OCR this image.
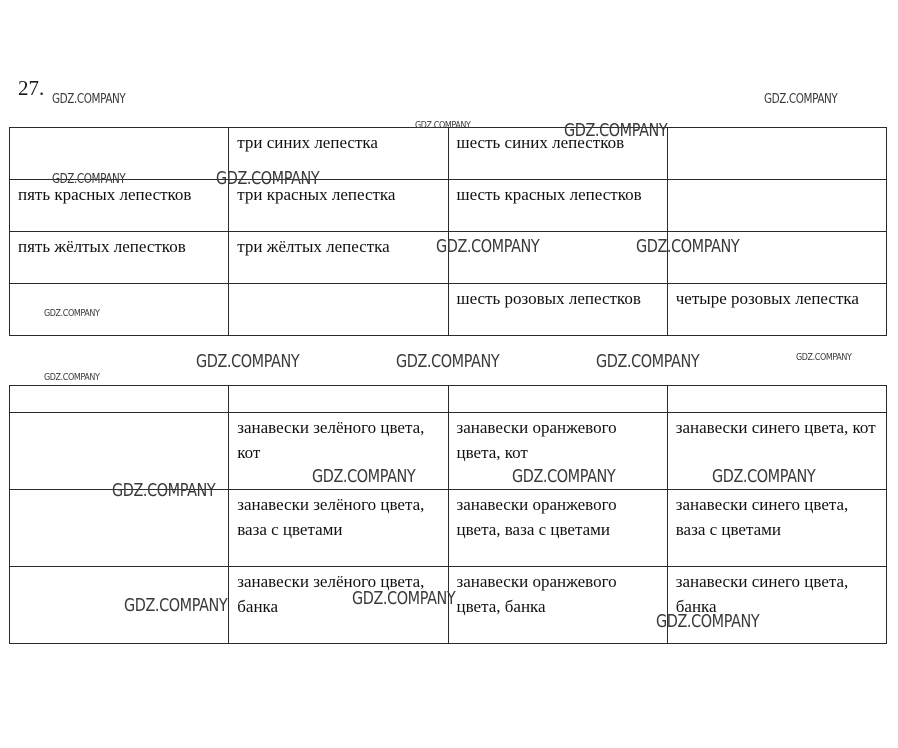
27.
	три синих лепестка	шесть синих лепестков	
пять красных лепестков	три красных лепестка	шесть красных лепестков	
пять жёлтых лепестков	три жёлтых лепестка		
		шесть розовых лепестков	четыре розовых лепестка

	занавески зелёного цвета, кот	занавески оранжевого цвета, кот	занавески синего цвета, кот
	занавески зелёного цвета, ваза с цветами	занавески оранжевого цвета, ваза с цветами	занавески синего цвета, ваза с цветами
	занавески зелёного цвета, банка	занавески оранжевого цвета, банка	занавески синего цвета, банка
GDZ.COMPANY	GDZ.COMPANY
GDZ.COMPANY	GDZ.COMPANY
GDZ.COMPANY	GDZ.COMPANY
GDZ.COMPANY	GDZ.COMPANY
GDZ.COMPANY
GDZ.COMPANY	GDZ.COMPANY	GDZ.COMPANY	GDZ.COMPANY
GDZ.COMPANY
GDZ.COMPANY	GDZ.COMPANY	GDZ.COMPANY
GDZ.COMPANY
GDZ.COMPANY
GDZ.COMPANY
GDZ.COMPANY
